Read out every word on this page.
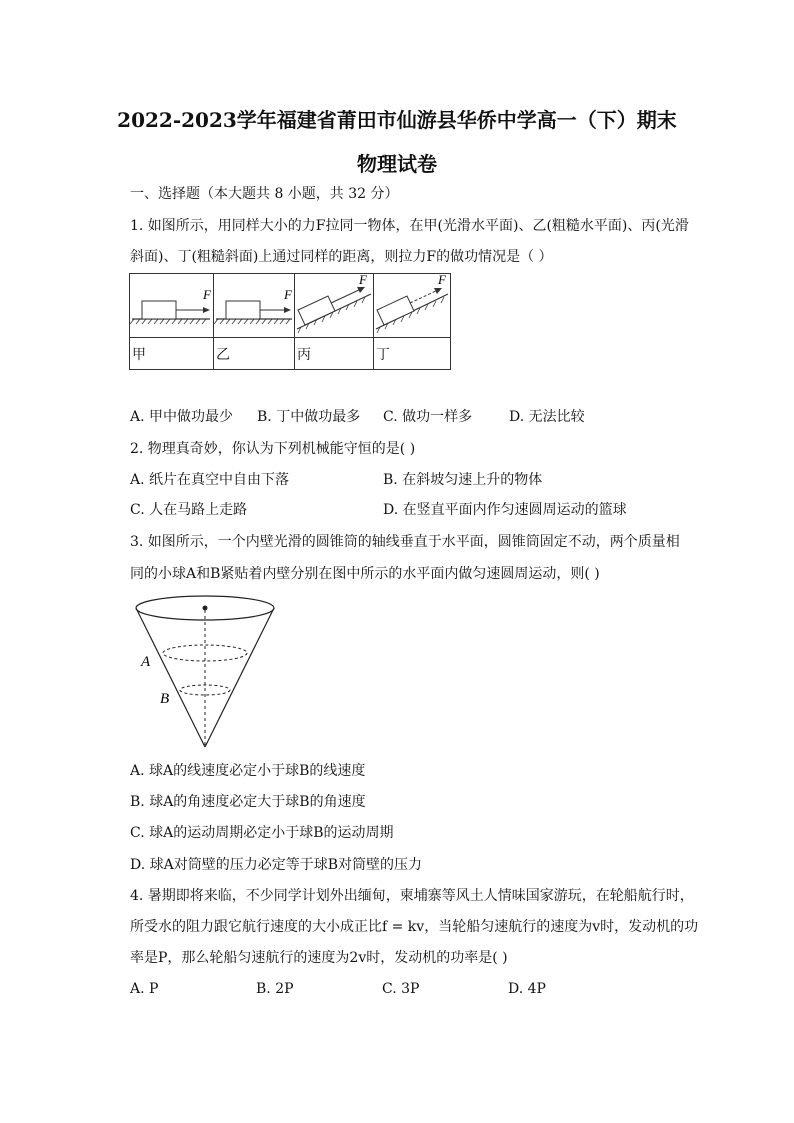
2022-2023学年福建省莆田市仙游县华侨中学高一（下）期末
物理试卷
一、选择题（本大题共 8 小题，共 32 分）
1. 如图所示，用同样大小的力F拉同一物体，在甲(光滑水平面)、乙(粗糙水平面)、丙(光滑
斜面)、丁(粗糙斜面)上通过同样的距离，则拉力F的做功情况是（ ）
F	F	F	F

甲	乙	丙	丁
A. 甲中做功最少	B. 丁中做功最多	C. 做功一样多	D. 无法比较
2. 物理真奇妙，你认为下列机械能守恒的是( )
A. 纸片在真空中自由下落	B. 在斜坡匀速上升的物体
C. 人在马路上走路	D. 在竖直平面内作匀速圆周运动的篮球
3. 如图所示，一个内壁光滑的圆锥筒的轴线垂直于水平面，圆锥筒固定不动，两个质量相
同的小球A和B紧贴着内壁分别在图中所示的水平面内做匀速圆周运动，则( )
A
B
A. 球A的线速度必定小于球B的线速度
B. 球A的角速度必定大于球B的角速度
C. 球A的运动周期必定小于球B的运动周期
D. 球A对筒壁的压力必定等于球B对筒壁的压力
4. 暑期即将来临，不少同学计划外出缅甸，柬埔寨等风土人情味国家游玩，在轮船航行时，
所受水的阻力跟它航行速度的大小成正比f = kv，当轮船匀速航行的速度为v时，发动机的功
率是P，那么轮船匀速航行的速度为2v时，发动机的功率是( )
A. P	B. 2P	C. 3P	D. 4P
